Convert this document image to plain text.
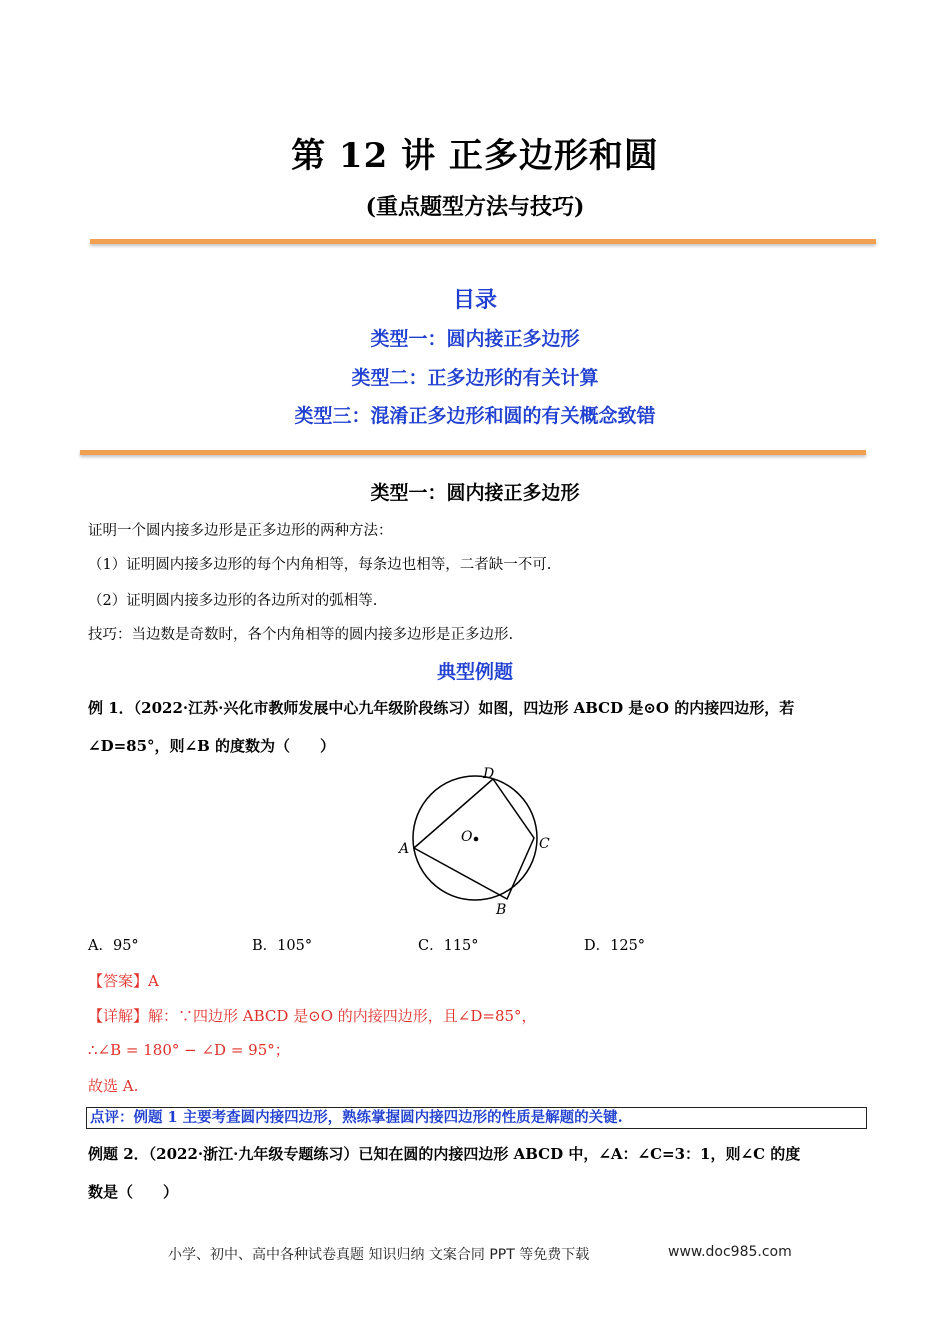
第 12 讲 正多边形和圆
(重点题型方法与技巧)
目录
类型一：圆内接正多边形
类型二：正多边形的有关计算
类型三：混淆正多边形和圆的有关概念致错
类型一：圆内接正多边形
证明一个圆内接多边形是正多边形的两种方法：
（1）证明圆内接多边形的每个内角相等，每条边也相等，二者缺一不可.
（2）证明圆内接多边形的各边所对的弧相等.
技巧：当边数是奇数时，各个内角相等的圆内接多边形是正多边形.
典型例题
例 1．（2022·江苏·兴化市教师发展中心九年级阶段练习）如图，四边形 ABCD 是⊙O 的内接四边形，若
∠D=85°，则∠B 的度数为（　　）
O
A
D
C
B
A．95°	B．105°	C．115°	D．125°
【答案】A
【详解】解：∵四边形 ABCD 是⊙O 的内接四边形，且∠D=85°，
∴∠B = 180° − ∠D = 95°；
故选 A.
点评：例题 1 主要考查圆内接四边形，熟练掌握圆内接四边形的性质是解题的关键.
例题 2．（2022·浙江·九年级专题练习）已知在圆的内接四边形 ABCD 中，∠A：∠C=3：1，则∠C 的度
数是（　　）
小学、初中、高中各种试卷真题 知识归纳 文案合同 PPT 等免费下载	www.doc985.com
